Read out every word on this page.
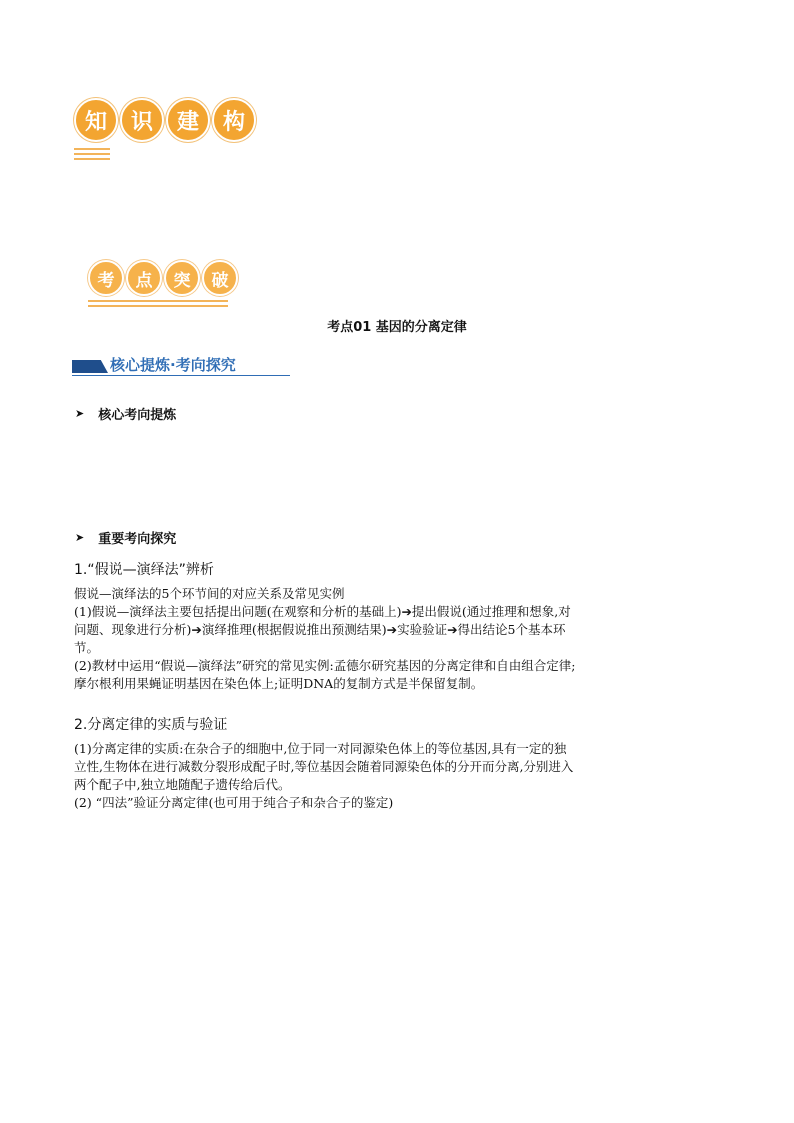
知	识	建	构
考	点	突	破
考点01 基因的分离定律
核心提炼·考向探究
➤ 核心考向提炼
➤ 重要考向探究
1.“假说—演绎法”辨析
假说—演绎法的5个环节间的对应关系及常见实例
(1)假说—演绎法主要包括提出问题(在观察和分析的基础上)➔提出假说(通过推理和想象,对
问题、现象进行分析)➔演绎推理(根据假说推出预测结果)➔实验验证➔得出结论5个基本环
节。
(2)教材中运用“假说—演绎法”研究的常见实例:孟德尔研究基因的分离定律和自由组合定律;
摩尔根利用果蝇证明基因在染色体上;证明DNA的复制方式是半保留复制。
2.分离定律的实质与验证
(1)分离定律的实质:在杂合子的细胞中,位于同一对同源染色体上的等位基因,具有一定的独
立性,生物体在进行减数分裂形成配子时,等位基因会随着同源染色体的分开而分离,分别进入
两个配子中,独立地随配子遗传给后代。
(2) “四法”验证分离定律(也可用于纯合子和杂合子的鉴定)
